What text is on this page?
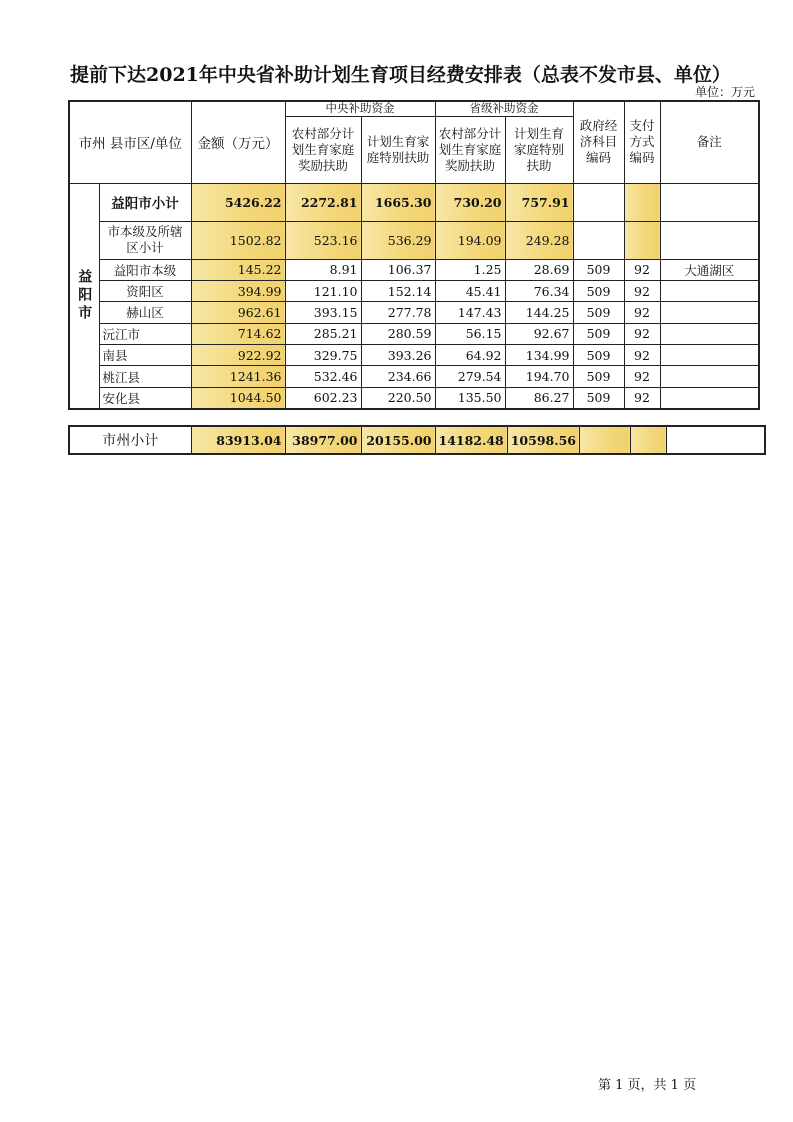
提前下达2021年中央省补助计划生育项目经费安排表（总表不发市县、单位）
单位：万元
市州 县市区/单位		金额（万元）	中央补助资金		省级补助资金		政府经济科目编码	支付方式编码	备注
			农村部分计划生育家庭奖励扶助	计划生育家庭特别扶助	农村部分计划生育家庭奖励扶助	计划生育家庭特别扶助			
益阳市	益阳市小计	5426.22	2272.81	1665.30	730.20	757.91			
	市本级及所辖区小计	1502.82	523.16	536.29	194.09	249.28			
	益阳市本级	145.22	8.91	106.37	1.25	28.69	509	92	大通湖区
	资阳区	394.99	121.10	152.14	45.41	76.34	509	92	
	赫山区	962.61	393.15	277.78	147.43	144.25	509	92	
	沅江市	714.62	285.21	280.59	56.15	92.67	509	92	
	南县	922.92	329.75	393.26	64.92	134.99	509	92	
	桃江县	1241.36	532.46	234.66	279.54	194.70	509	92	
	安化县	1044.50	602.23	220.50	135.50	86.27	509	92	
市州小计	83913.04	38977.00	20155.00	14182.48	10598.56			
第 1 页，共 1 页
